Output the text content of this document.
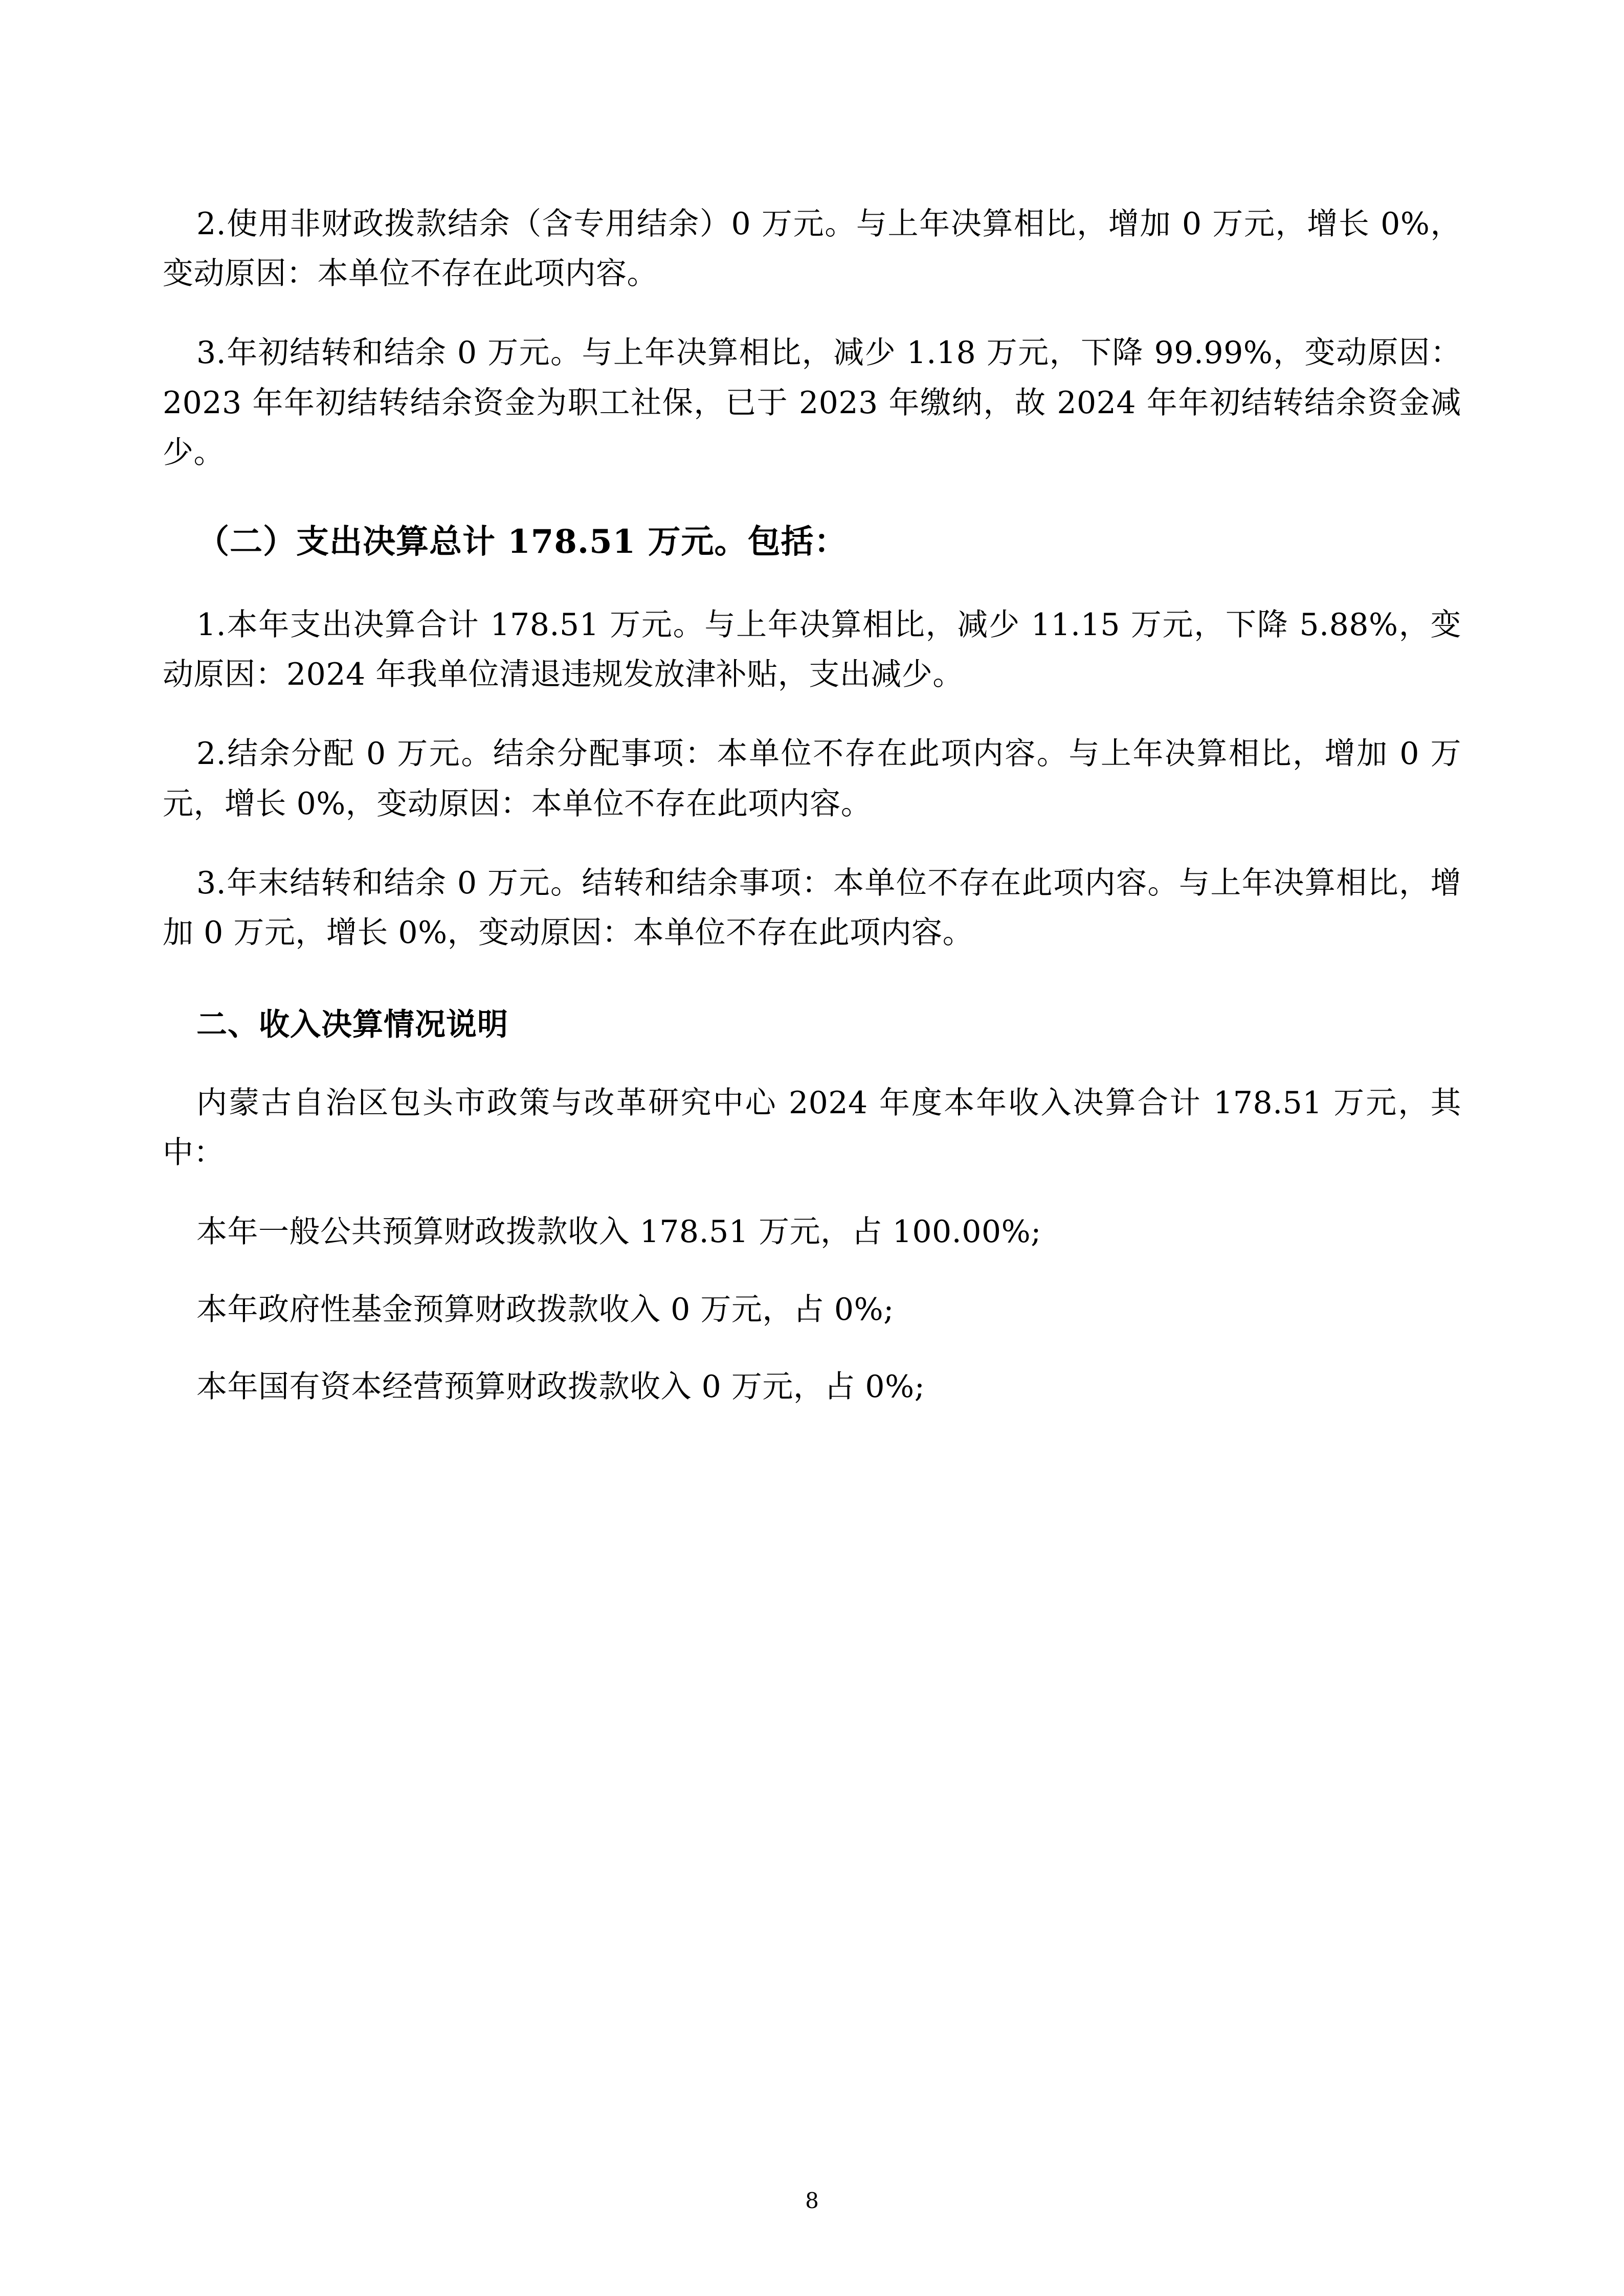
2.使用非财政拨款结余（含专用结余）0 万元。与上年决算相比，增加 0 万元，增长 0%，变动原因：本单位不存在此项内容。

3.年初结转和结余 0 万元。与上年决算相比，减少 1.18 万元，下降 99.99%，变动原因：2023 年年初结转结余资金为职工社保，已于 2023 年缴纳，故 2024 年年初结转结余资金减少。

（二）支出决算总计 178.51 万元。包括：

1.本年支出决算合计 178.51 万元。与上年决算相比，减少 11.15 万元，下降 5.88%，变动原因：2024 年我单位清退违规发放津补贴，支出减少。

2.结余分配 0 万元。结余分配事项：本单位不存在此项内容。与上年决算相比，增加 0 万元，增长 0%，变动原因：本单位不存在此项内容。

3.年末结转和结余 0 万元。结转和结余事项：本单位不存在此项内容。与上年决算相比，增加 0 万元，增长 0%，变动原因：本单位不存在此项内容。

二、收入决算情况说明

内蒙古自治区包头市政策与改革研究中心 2024 年度本年收入决算合计 178.51 万元，其中：

本年一般公共预算财政拨款收入 178.51 万元，占 100.00%;

本年政府性基金预算财政拨款收入 0 万元，占 0%;

本年国有资本经营预算财政拨款收入 0 万元，占 0%;

8
